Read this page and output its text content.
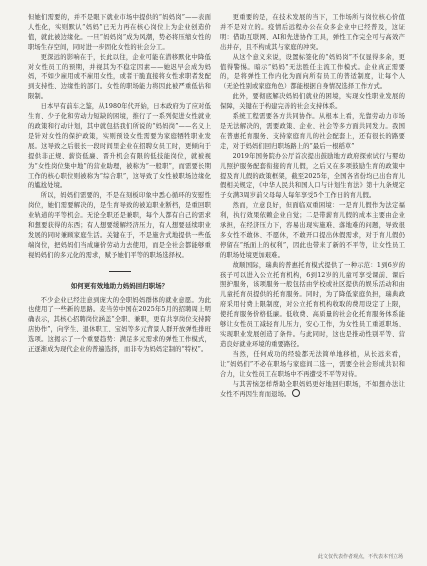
但她们需要的，并不是眼下就业市场中提供的“妈妈岗”——表面人性化，实则默认“妈妈”已无力再在核心岗位上为企业创造价值，就此被边缘化。一旦“妈妈岗”成为风潮，势必将压缩女性的职场生存空间，同时进一步固化女性的社会分工。

更深远的影响在于，长此以往，企业可能在潜移默化中降低对女性员工的预期，并视其为不稳定因素——她迟早会成为妈妈，不如少雇用或不雇用女性，或者干脆直接将女性求职者发配到支持性、边缘性的部门。女性的职场能力将因此被严重低估和限制。

日本早有前车之鉴，从1980年代开始，日本政府为了应对低生育、少子化和劳动力短缺的困境，推行了一系列促进女性就业的政策和行动计划，其中就包括我们所说的“妈妈岗”——名义上是针对女性的保护政策，实则预设女性需要为家庭牺牲职业发展。这导致之后很长一段时间里企业在招聘女员工时，更倾向于提供非正规、薪资低廉、晋升机会有限的低技能岗位，就被视为“女性岗位集中地”的营业助理，被称为“一般职”，而需要长期工作的核心职位则被称为“综合职”，这导致了女性被职场边缘化的尴尬处境。

所以，妈妈们需要的，不是在刻板印象中悉心循环的安慰性岗位，她们需要解决的，是生育导致的被迫职业断档，是重回职业轨道的平等机会。无论全职还是兼职，每个人都有自己的需求和想要获得的东西；有人想要缓解经济压力，有人想要延续职业发展的同时兼顾家庭生活。关键在于，不是施舍式地提供一些低端岗位，把妈妈们当成廉价劳动力去使用，而是全社会都能够重视妈妈们的多元化的需求，赋予她们平等的职场选择权。

如何更有效地助力妈妈回归职场？

不少企业已经注意到庞大的全职妈妈群体的就业意愿。为此也使用了一些新的思路。麦当劳中国在2025年5月的招聘周上明确表示，其核心招聘岗位涵盖“全职、兼职，更有共享岗位支持跨店协作”，向学生、退休职工、宝妈等多元背景人群开放弹性排班选项。这揭示了一个重要趋势：满足多元需求的弹性工作模式，正逐渐成为现代企业的普遍选择，而非专为妈妈定制的“特权”。

更重要的是，在技术发展的当下，工作场所与岗位核心价值并不是对立的。疫情后远程办公在众多企业中已经普及，这证明：借助互联网、AI和先进协作工具，弹性工作完全可与高效产出并存，且不构成其与家庭的冲突。

从这个意义来说，设置标签化的“妈妈岗”不仅显得多余，更值得警惕。暗示“妈妈”无法胜任主流工作模式。企业真正需要的，是将弹性工作内化为面向所有员工的普适制度，让每个人（无论性别或家庭角色）都能根据自身情况选择工作方式。

此外，要彻底解决妈妈们就业的困境，实现女性职业发展的保障，关键在于构建完善的社会支持体系。

系统工程需要各方共同协作。从根本上看，光靠劳动力市场是无法解决的，需要政策、企业、社会等多方面共同发力。我国在普惠托育服务、支持家庭育儿的社会配套上，还有很长的路要走，对于妈妈们回归职场路上的“最后一根稻草”

2019年国务院办公厅首次提出鼓励地方政府探索试行与婴幼儿照护服务配套衔接的育儿假，之后又在多项鼓励生育的政策中提及育儿假的政策框架，截至2025年，全国各省份均已出台育儿假相关规定，《中华人民共和国人口与计划生育法》第十九条规定子女满3周岁前父母每人每年享受5个工作日的育儿假。

然而，立意良好，但面临双重困境：一是育儿假作为法定福利，执行效果依赖企业自觉；二是带薪育儿假的成本主要由企业承担，在经济压力下，容易出现实施难、落地难的问题，导致很多女性不敢休、不愿休，不敢开口提出休假需求，对于育儿假仍停留在“纸面上的权利”，因此也带来了新的不平等，让女性员工的职场处境更加艰难。

故顺国际，瑞典的普惠托育模式提供了一种示范：1到6岁的孩子可以进入公立托育机构，6到12岁的儿童可享受课前、课后照护服务，该项服务一般包括由学校或社区提供的娱乐活动和由儿童托育员提供的托育服务。同时，为了降低家庭负担，瑞典政府采用付费上限制度，对公立托育机构收取的费用设定了上限，使托育服务价格低廉。低收费、高质量的社会化托育服务体系能够让女性员工减轻育儿压力，安心工作，为女性员工重返职场、实现职业发展创造了条件。与此同时，这也是推动性别平等、营造良好就业环境的重要路径。

当然，任何成功的经验都无法简单地移植，从长远来看，让“妈妈们”不必在职场与家庭间二选一，需要全社会形成共识和合力，让女性员工在职场中不再遭受不平等对待。

与其苦恼怎样帮助全职妈妈更好地回归职场，不如想办法让女性不再因生育而退场。

此文仅代表作者观点，不代表本刊立场
